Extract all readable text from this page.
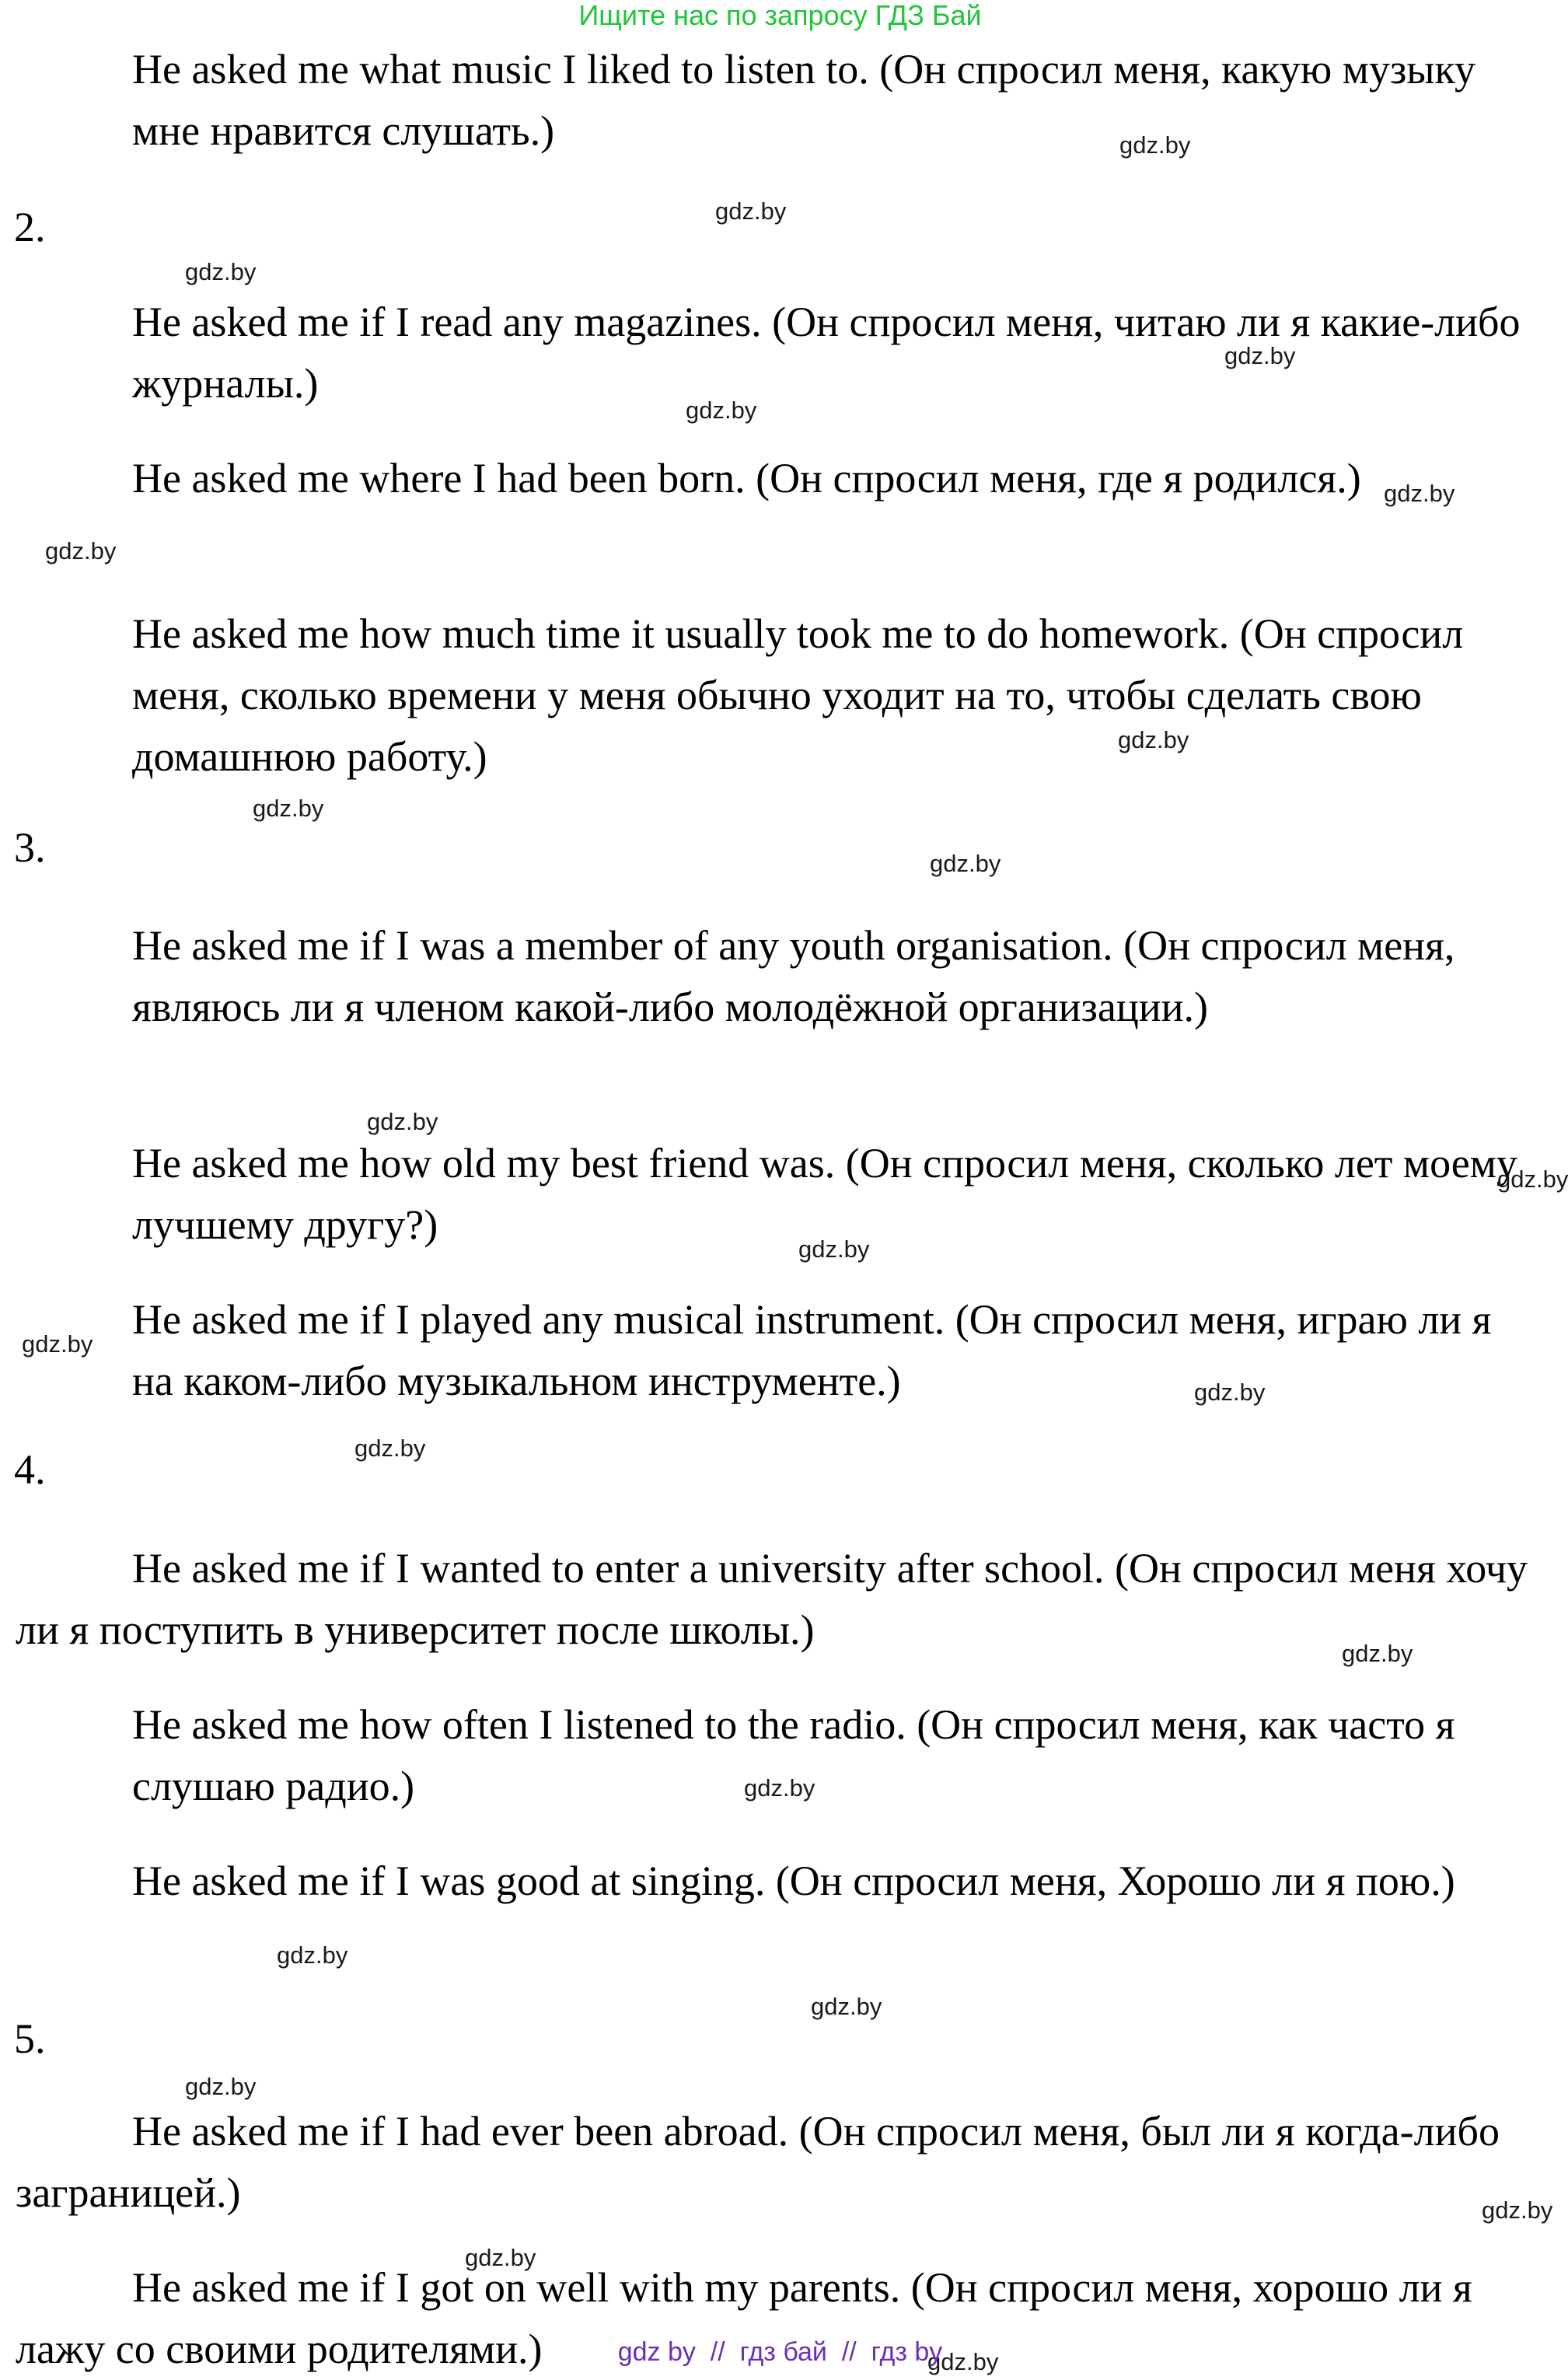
Ищите нас по запросу ГДЗ Бай

He asked me what music I liked to listen to. (Он спросил меня, какую музыку мне нравится слушать.)

2.

He asked me if I read any magazines. (Он спросил меня, читаю ли я какие-либо журналы.)

He asked me where I had been born. (Он спросил меня, где я родился.)

He asked me how much time it usually took me to do homework. (Он спросил меня, сколько времени у меня обычно уходит на то, чтобы сделать свою домашнюю работу.)

3.

He asked me if I was a member of any youth organisation. (Он спросил меня, являюсь ли я членом какой-либо молодёжной организации.)

He asked me how old my best friend was. (Он спросил меня, сколько лет моему лучшему другу?)

He asked me if I played any musical instrument. (Он спросил меня, играю ли я на каком-либо музыкальном инструменте.)

4.

He asked me if I wanted to enter a university after school. (Он спросил меня хочу ли я поступить в университет после школы.)

He asked me how often I listened to the radio. (Он спросил меня, как часто я слушаю радио.)

He asked me if I was good at singing. (Он спросил меня, Хорошо ли я пою.)

5.

He asked me if I had ever been abroad. (Он спросил меня, был ли я когда-либо заграницей.)

He asked me if I got on well with my parents. (Он спросил меня, хорошо ли я лажу со своими родителями.)

gdz.by
gdz.by
gdz.by
gdz.by
gdz.by
gdz.by
gdz.by
gdz.by
gdz.by
gdz.by
gdz.by
gdz.by
gdz.by
gdz.by
gdz.by
gdz.by
gdz.by
gdz.by
gdz.by
gdz.by
gdz.by
gdz.by
gdz.by
gdz.by
gdz by  //  гдз бай  //  гдз by
